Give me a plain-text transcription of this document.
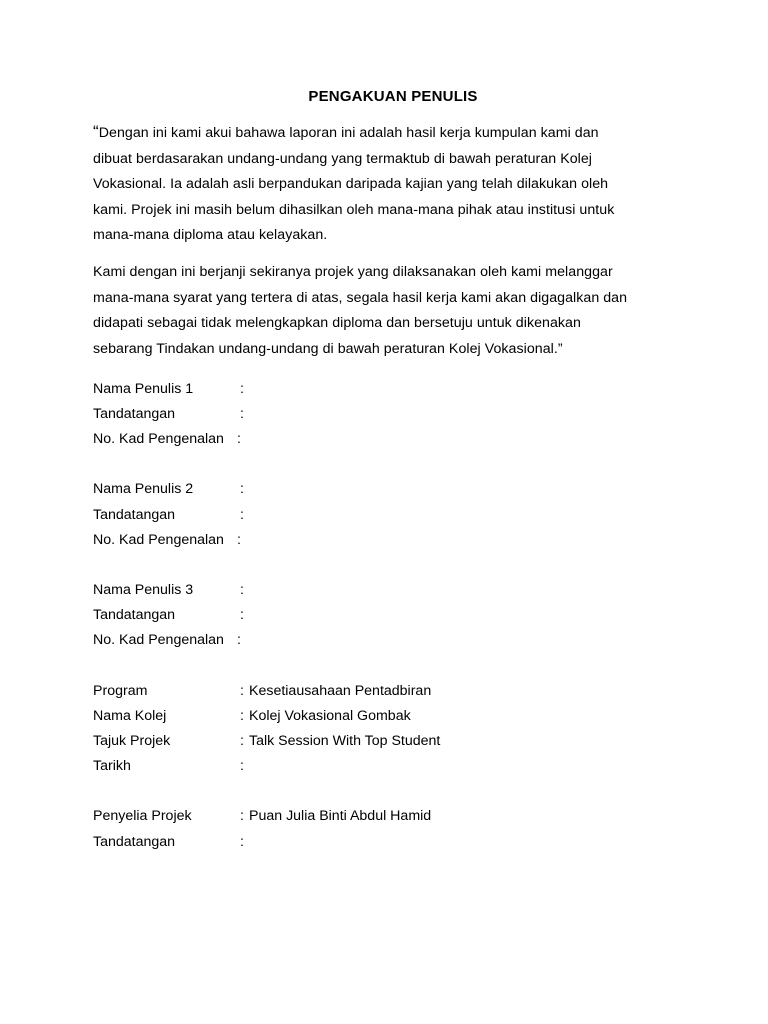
PENGAKUAN PENULIS
“Dengan ini kami akui bahawa laporan ini adalah hasil kerja kumpulan kami dan
dibuat berdasarakan undang-undang yang termaktub di bawah peraturan Kolej
Vokasional. Ia adalah asli berpandukan daripada kajian yang telah dilakukan oleh
kami. Projek ini masih belum dihasilkan oleh mana-mana pihak atau institusi untuk
mana-mana diploma atau kelayakan.
Kami dengan ini berjanji sekiranya projek yang dilaksanakan oleh kami melanggar
mana-mana syarat yang tertera di atas, segala hasil kerja kami akan digagalkan dan
didapati sebagai tidak melengkapkan diploma dan bersetuju untuk dikenakan
sebarang Tindakan undang-undang di bawah peraturan Kolej Vokasional.”
Nama Penulis 1	:
Tandatangan	:
No. Kad Pengenalan :
Nama Penulis 2	:
Tandatangan	:
No. Kad Pengenalan :
Nama Penulis 3	:
Tandatangan	:
No. Kad Pengenalan :
Program	: Kesetiausahaan Pentadbiran
Nama Kolej	: Kolej Vokasional Gombak
Tajuk Projek	: Talk Session With Top Student
Tarikh	:
Penyelia Projek	: Puan Julia Binti Abdul Hamid
Tandatangan	:
